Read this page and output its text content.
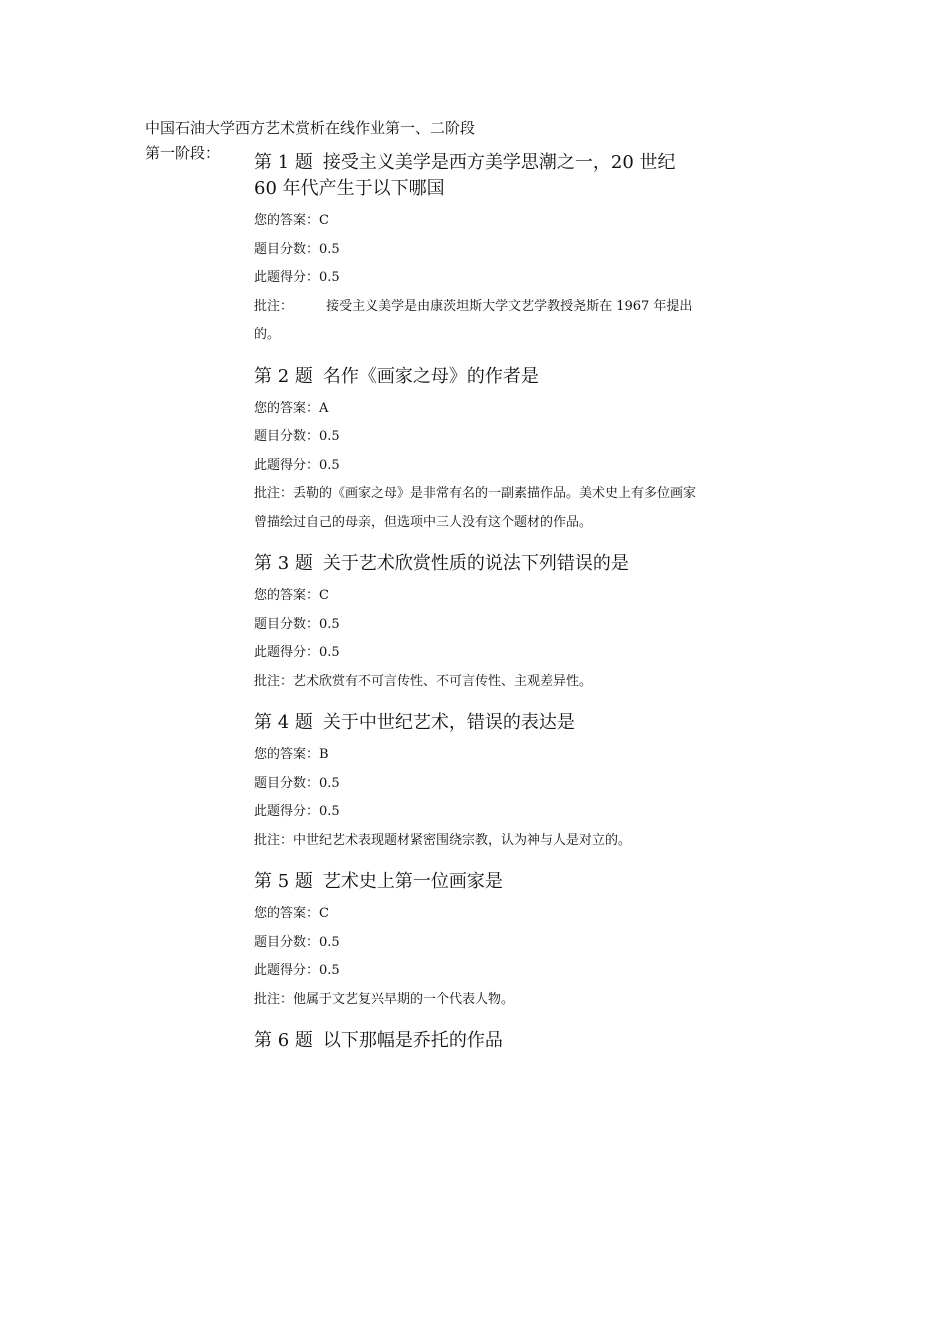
中国石油大学西方艺术赏析在线作业第一、二阶段
第一阶段： 第 1 题 接受主义美学是西方美学思潮之一，20 世纪 60 年代产生于以下哪国
您的答案：C
题目分数：0.5
此题得分：0.5
批注：        接受主义美学是由康茨坦斯大学文艺学教授尧斯在 1967 年提出的。
第 2 题 名作《画家之母》的作者是
您的答案：A
题目分数：0.5
此题得分：0.5
批注：丢勒的《画家之母》是非常有名的一副素描作品。美术史上有多位画家曾描绘过自己的母亲，但选项中三人没有这个题材的作品。
第 3 题 关于艺术欣赏性质的说法下列错误的是
您的答案：C
题目分数：0.5
此题得分：0.5
批注：艺术欣赏有不可言传性、不可言传性、主观差异性。
第 4 题 关于中世纪艺术，错误的表达是
您的答案：B
题目分数：0.5
此题得分：0.5
批注：中世纪艺术表现题材紧密围绕宗教，认为神与人是对立的。
第 5 题 艺术史上第一位画家是
您的答案：C
题目分数：0.5
此题得分：0.5
批注：他属于文艺复兴早期的一个代表人物。
第 6 题 以下那幅是乔托的作品
